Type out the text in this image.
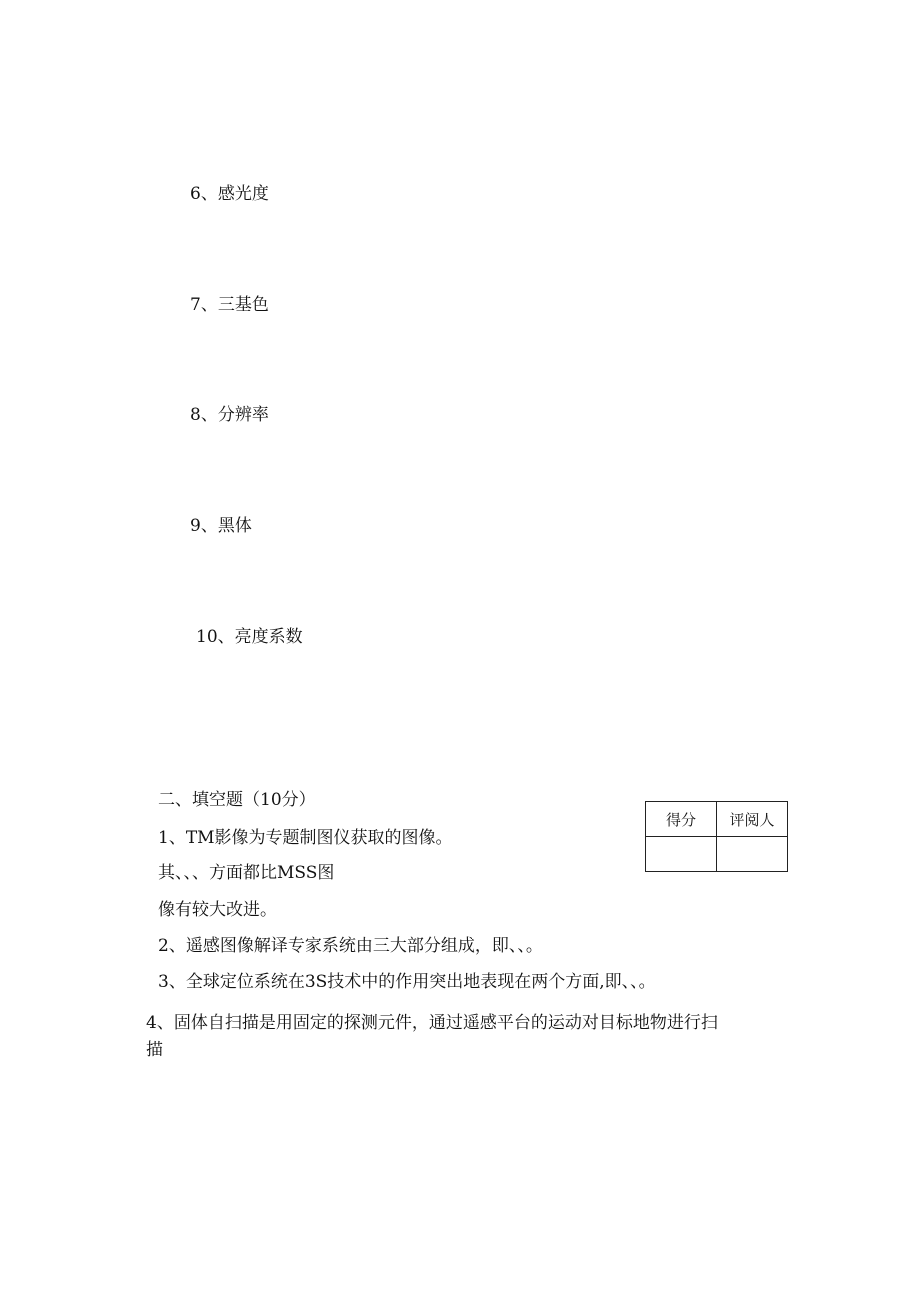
6、感光度
7、三基色
8、分辨率
9、黑体
10、亮度系数
二、填空题（10分）
得分	评阅人

1、TM影像为专题制图仪获取的图像。
其、、、方面都比MSS图
像有较大改进。
2、遥感图像解译专家系统由三大部分组成，即、、。
3、全球定位系统在3S技术中的作用突出地表现在两个方面,即、、。
4、固体自扫描是用固定的探测元件，通过遥感平台的运动对目标地物进行扫
描
